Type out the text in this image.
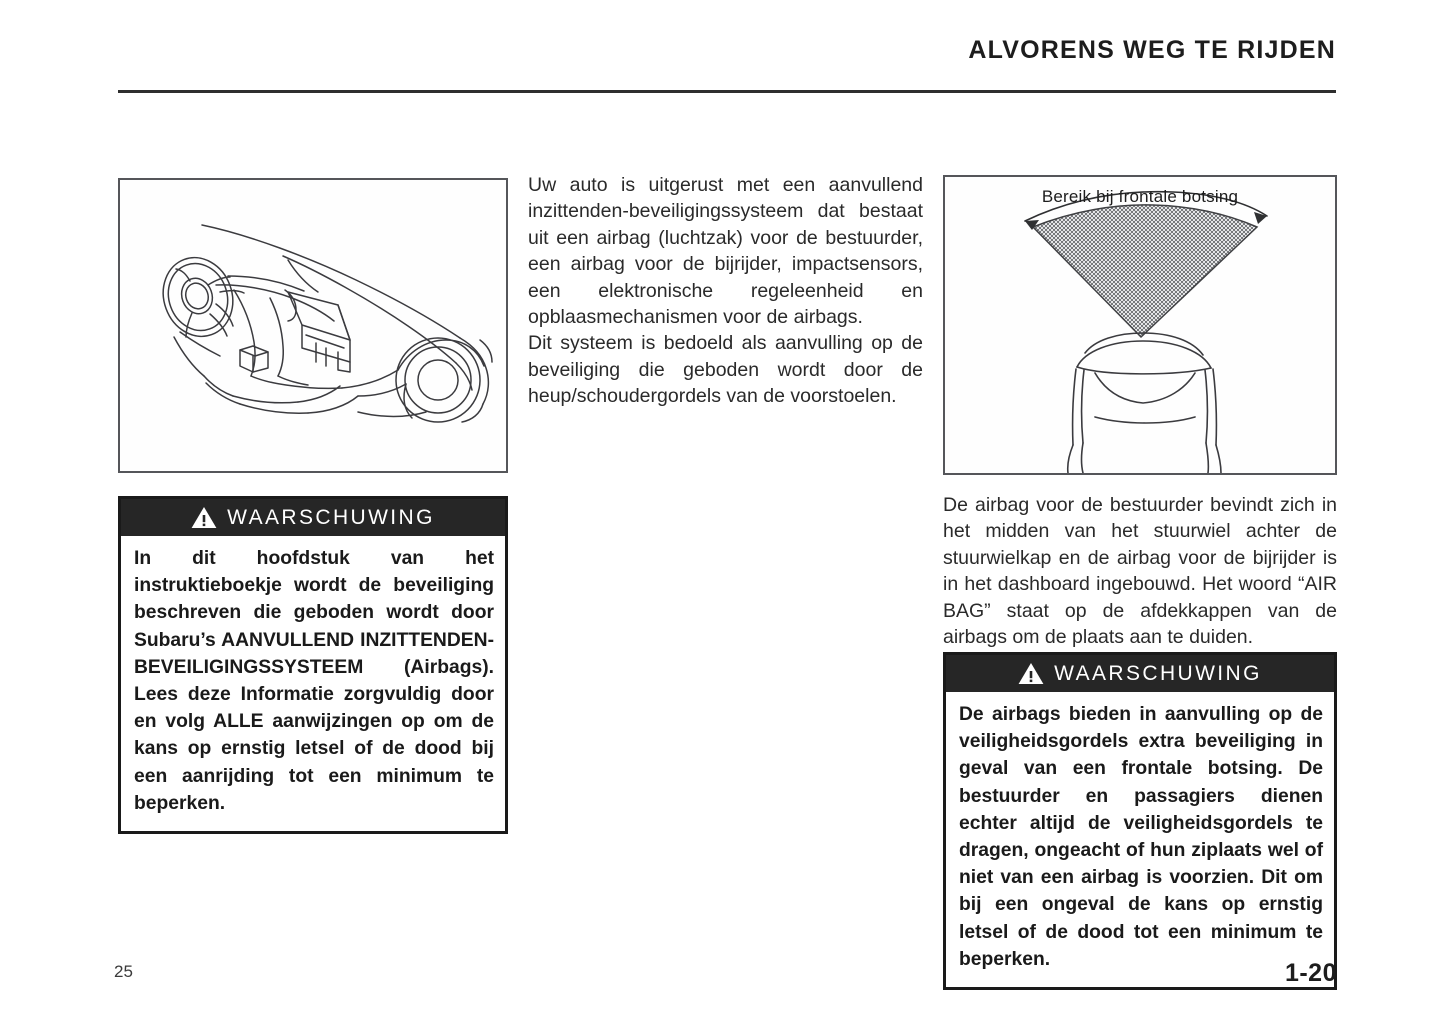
ALVORENS WEG TE RIJDEN
WAARSCHUWING

In dit hoofdstuk van het instruktieboekje wordt de beveiliging beschreven die geboden wordt door Subaru’s AANVULLEND INZITTENDEN-BEVEILIGINGSSYSTEEM (Airbags). Lees deze Informatie zorgvuldig door en volg ALLE aanwijzingen op om de kans op ernstig letsel of de dood bij een aanrijding tot een minimum te beperken.

Uw auto is uitgerust met een aanvullend inzittenden-beveiligingssysteem dat bestaat uit een airbag (luchtzak) voor de bestuurder, een airbag voor de bijrijder, impactsensors, een elektronische regeleenheid en opblaasmechanismen voor de airbags.

Dit systeem is bedoeld als aanvulling op de beveiliging die geboden wordt door de heup/schoudergordels van de voorstoelen.

Bereik bij frontale botsing

De airbag voor de bestuurder bevindt zich in het midden van het stuurwiel achter de stuurwielkap en de airbag voor de bijrijder is in het dashboard ingebouwd. Het woord “AIR BAG” staat op de afdekkappen van de airbags om de plaats aan te duiden.

WAARSCHUWING

De airbags bieden in aanvulling op de veiligheidsgordels extra beveiliging in geval van een frontale botsing. De bestuurder en passagiers dienen echter altijd de veiligheidsgordels te dragen, ongeacht of hun ziplaats wel of niet van een airbag is voorzien. Dit om bij een ongeval de kans op ernstig letsel of de dood tot een minimum te beperken.

25	1-20
